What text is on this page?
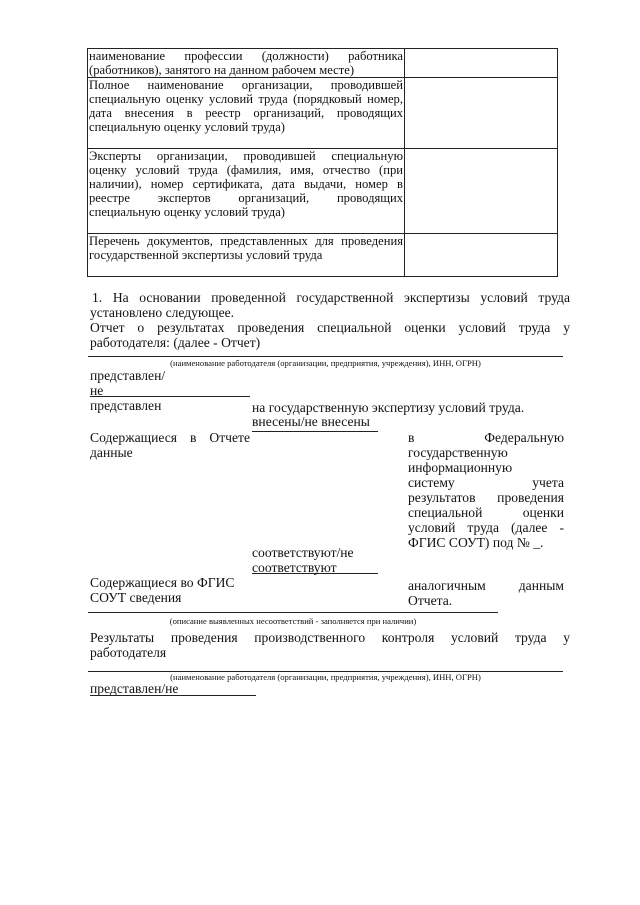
наименование профессии (должности) работника (работников), занятого на данном рабочем месте)	
Полное наименование организации, проводившей специальную оценку условий труда (порядковый номер, дата внесения в реестр организаций, проводящих специальную оценку условий труда)	
Эксперты организации, проводившей специальную оценку условий труда (фамилия, имя, отчество (при наличии), номер сертификата, дата выдачи, номер в реестре экспертов организаций, проводящих специальную оценку условий труда)	
Перечень документов, представленных для проведения государственной экспертизы условий труда	
1. На основании проведенной государственной экспертизы условий труда установлено следующее.
Отчет о результатах проведения специальной оценки условий труда у работодателя: (далее - Отчет)
(наименование работодателя (организации, предприятия, учреждения), ИНН, ОГРН)
представлен/не представлен	на государственную экспертизу условий труда.
внесены/не внесены
Содержащиеся в Отчете данные
в	Федеральную
государственную
информационную
систему	учета
результатов проведения
специальной	оценки
условий труда (далее -
ФГИС СОУТ) под № _.
соответствуют/не соответствуют
Содержащиеся во ФГИС СОУТ сведения
аналогичным данным
Отчета.
(описание выявленных несоответствий - заполняется при наличии)
Результаты проведения производственного контроля условий труда у работодателя
(наименование работодателя (организации, предприятия, учреждения), ИНН, ОГРН)
представлен/не
